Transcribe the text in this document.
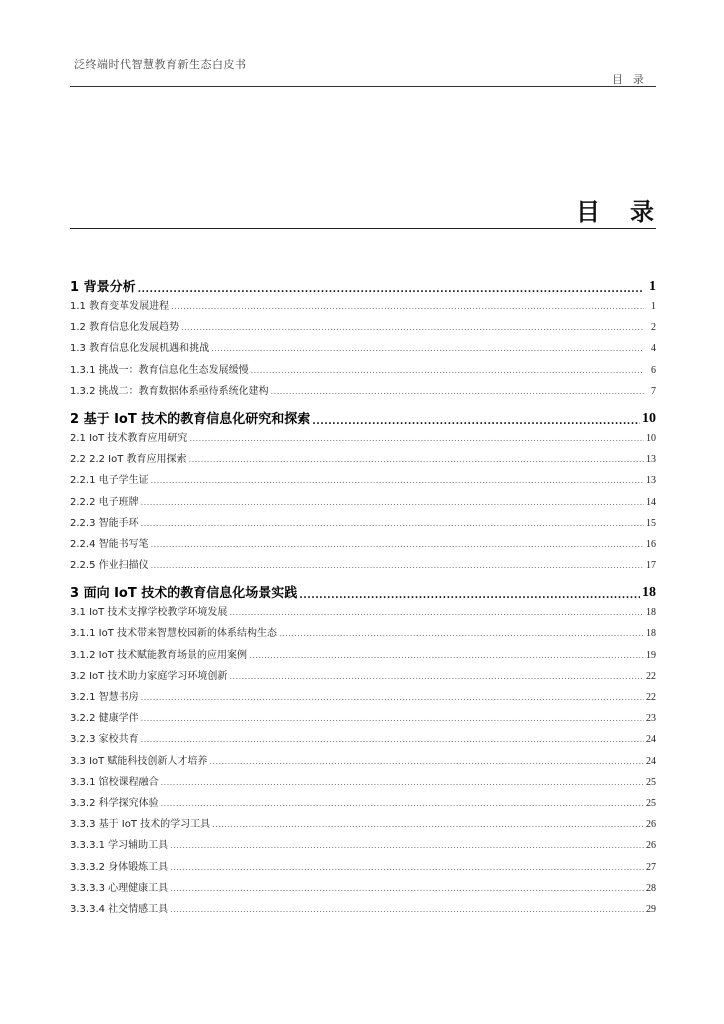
泛终端时代智慧教育新生态白皮书
目录
目录
1 背景分析 .....	1
1.1 教育变革发展进程 .....	1
1.2 教育信息化发展趋势 .....	2
1.3 教育信息化发展机遇和挑战 .....	4
1.3.1 挑战一：教育信息化生态发展缓慢 .....	6
1.3.2 挑战二：教育数据体系亟待系统化建构 .....	7
2 基于 IoT 技术的教育信息化研究和探索 .....	10
2.1 IoT 技术教育应用研究 .....	10
2.2 2.2 IoT 教育应用探索 .....	13
2.2.1 电子学生证 .....	13
2.2.2 电子班牌 .....	14
2.2.3 智能手环 .....	15
2.2.4 智能书写笔 .....	16
2.2.5 作业扫描仪 .....	17
3 面向 IoT 技术的教育信息化场景实践 .....	18
3.1 IoT 技术支撑学校教学环境发展 .....	18
3.1.1 IoT 技术带来智慧校园新的体系结构生态 .....	18
3.1.2 IoT 技术赋能教育场景的应用案例 .....	19
3.2 IoT 技术助力家庭学习环境创新 .....	22
3.2.1 智慧书房 .....	22
3.2.2 健康学伴 .....	23
3.2.3 家校共育 .....	24
3.3 IoT 赋能科技创新人才培养 .....	24
3.3.1 馆校课程融合 .....	25
3.3.2 科学探究体验 .....	25
3.3.3 基于 IoT 技术的学习工具 .....	26
3.3.3.1 学习辅助工具 .....	26
3.3.3.2 身体锻炼工具 .....	27
3.3.3.3 心理健康工具 .....	28
3.3.3.4 社交情感工具 .....	29
